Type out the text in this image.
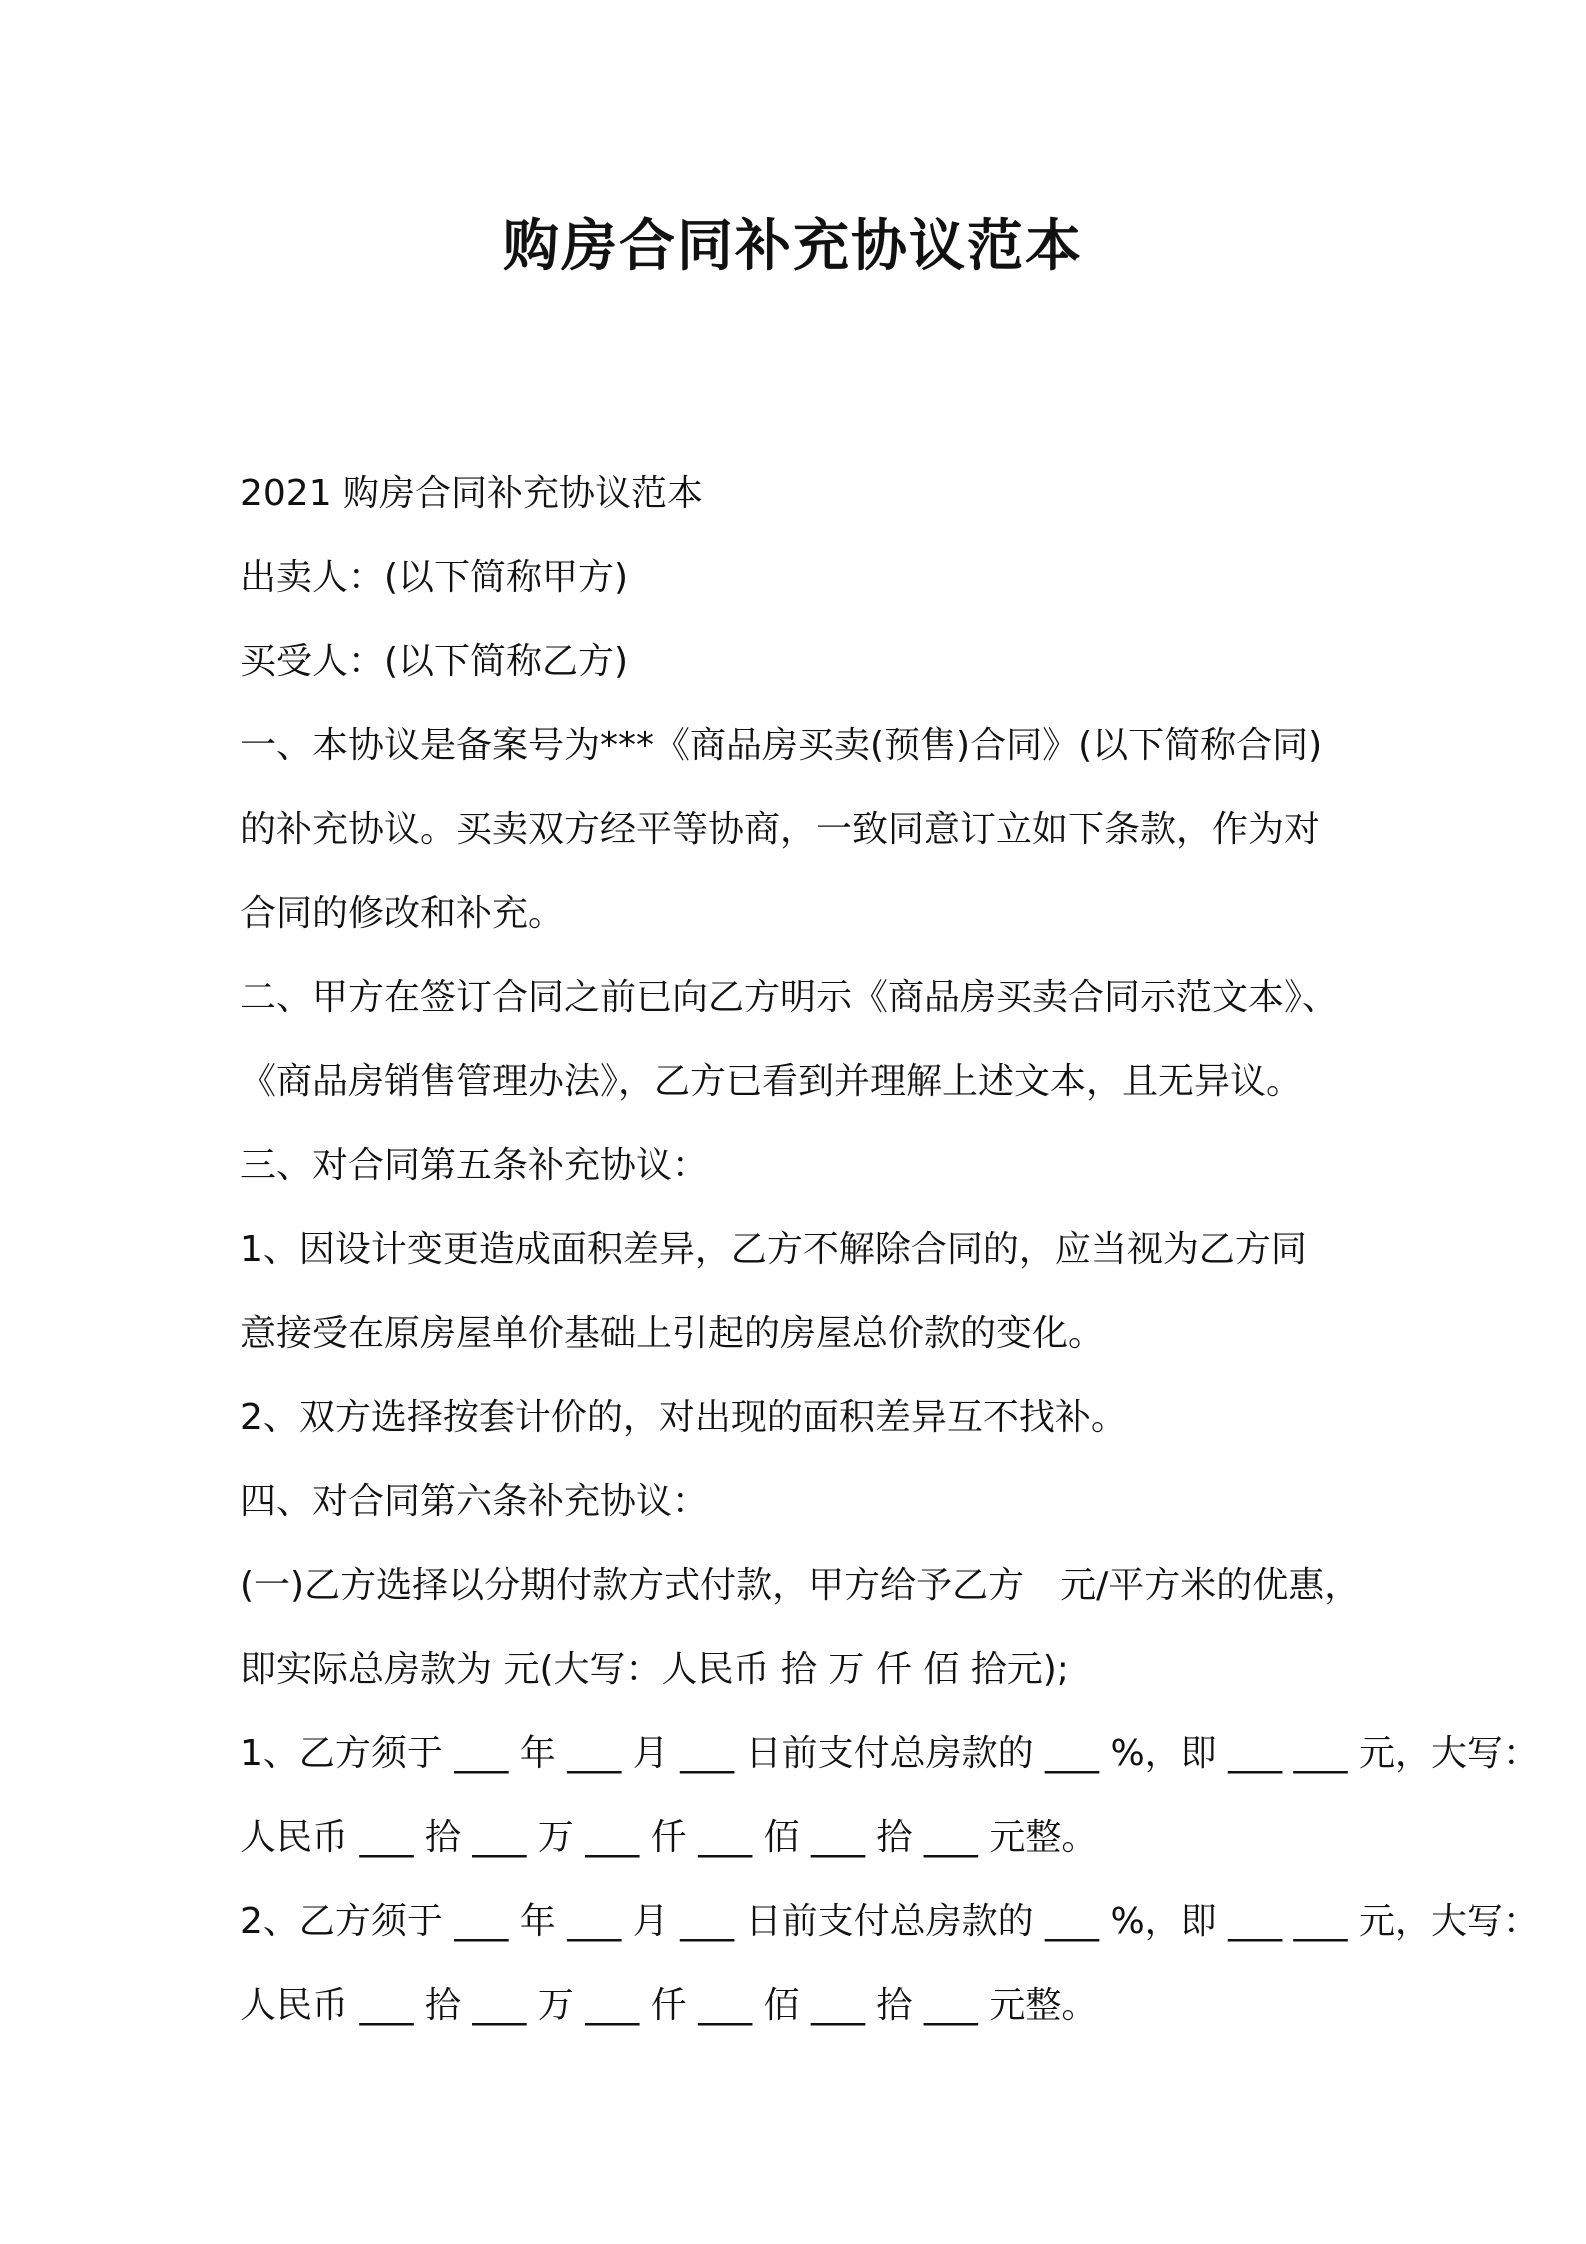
购房合同补充协议范本

2021 购房合同补充协议范本

出卖人：(以下简称甲方)

买受人：(以下简称乙方)

一、本协议是备案号为***《商品房买卖(预售)合同》(以下简称合同)

的补充协议。买卖双方经平等协商，一致同意订立如下条款，作为对

合同的修改和补充。

二、甲方在签订合同之前已向乙方明示《商品房买卖合同示范文本》、

《商品房销售管理办法》，乙方已看到并理解上述文本，且无异议。

三、对合同第五条补充协议：

1、因设计变更造成面积差异，乙方不解除合同的，应当视为乙方同

意接受在原房屋单价基础上引起的房屋总价款的变化。

2、双方选择按套计价的，对出现的面积差异互不找补。

四、对合同第六条补充协议：

(一)乙方选择以分期付款方式付款，甲方给予乙方　元/平方米的优惠，

即实际总房款为 元(大写：人民币 拾 万 仟 佰 拾元);

1、乙方须于 ___ 年 ___ 月 ___ 日前支付总房款的 ___ %，即 ___ ___ 元，大写：

人民币 ___ 拾 ___ 万 ___ 仟 ___ 佰 ___ 拾 ___ 元整。

2、乙方须于 ___ 年 ___ 月 ___ 日前支付总房款的 ___ %，即 ___ ___ 元，大写：

人民币 ___ 拾 ___ 万 ___ 仟 ___ 佰 ___ 拾 ___ 元整。
